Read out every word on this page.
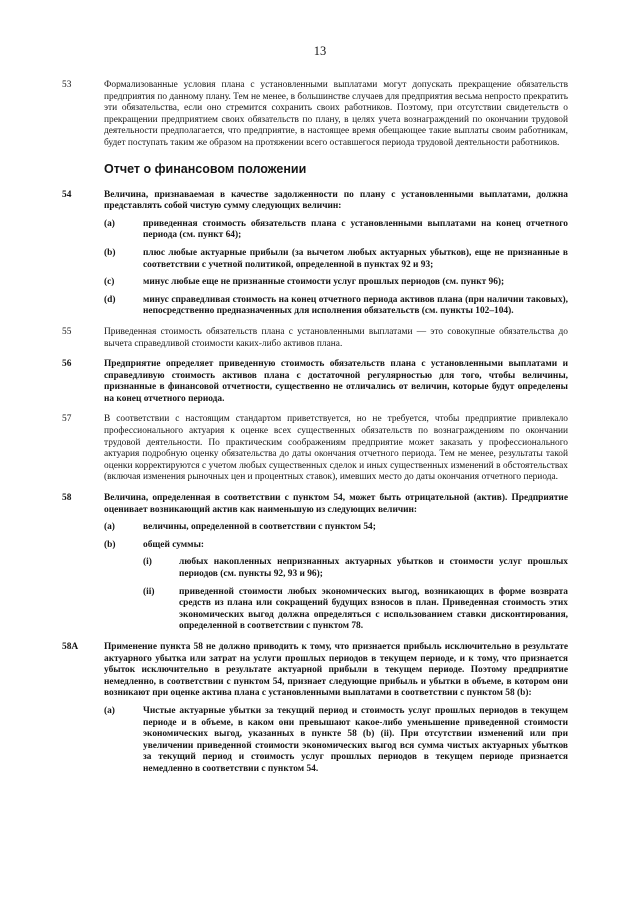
13
53	Формализованные условия плана с установленными выплатами могут допускать прекращение обязательств предприятия по данному плану. Тем не менее, в большинстве случаев для предприятия весьма непросто прекратить эти обязательства, если оно стремится сохранить своих работников. Поэтому, при отсутствии свидетельств о прекращении предприятием своих обязательств по плану, в целях учета вознаграждений по окончании трудовой деятельности предполагается, что предприятие, в настоящее время обещающее такие выплаты своим работникам, будет поступать таким же образом на протяжении всего оставшегося периода трудовой деятельности работников.

Отчет о финансовом положении
54	Величина, признаваемая в качестве задолженности по плану с установленными выплатами, должна представлять собой чистую сумму следующих величин:

(a)	приведенная стоимость обязательств плана с установленными выплатами на конец отчетного периода (см. пункт 64);

(b)	плюс любые актуарные прибыли (за вычетом любых актуарных убытков), еще не признанные в соответствии с учетной политикой, определенной в пунктах 92 и 93;

(c)	минус любые еще не признанные стоимости услуг прошлых периодов (см. пункт 96);

(d)	минус справедливая стоимость на конец отчетного периода активов плана (при наличии таковых), непосредственно предназначенных для исполнения обязательств (см. пункты 102–104).

55	Приведенная стоимость обязательств плана с установленными выплатами — это совокупные обязательства до вычета справедливой стоимости каких-либо активов плана.

56	Предприятие определяет приведенную стоимость обязательств плана с установленными выплатами и справедливую стоимость активов плана с достаточной регулярностью для того, чтобы величины, признанные в финансовой отчетности, существенно не отличались от величин, которые будут определены на конец отчетного периода.

57	В соответствии с настоящим стандартом приветствуется, но не требуется, чтобы предприятие привлекало профессионального актуария к оценке всех существенных обязательств по вознаграждениям по окончании трудовой деятельности. По практическим соображениям предприятие может заказать у профессионального актуария подробную оценку обязательства до даты окончания отчетного периода. Тем не менее, результаты такой оценки корректируются с учетом любых существенных сделок и иных существенных изменений в обстоятельствах (включая изменения рыночных цен и процентных ставок), имевших место до даты окончания отчетного периода.

58	Величина, определенная в соответствии с пунктом 54, может быть отрицательной (актив). Предприятие оценивает возникающий актив как наименьшую из следующих величин:

(a)	величины, определенной в соответствии с пунктом 54;

(b)	общей суммы:

(i)	любых накопленных непризнанных актуарных убытков и стоимости услуг прошлых периодов (см. пункты 92, 93 и 96);

(ii)	приведенной стоимости любых экономических выгод, возникающих в форме возврата средств из плана или сокращений будущих взносов в план. Приведенная стоимость этих экономических выгод должна определяться с использованием ставки дисконтирования, определенной в соответствии с пунктом 78.

58A	Применение пункта 58 не должно приводить к тому, что признается прибыль исключительно в результате актуарного убытка или затрат на услуги прошлых периодов в текущем периоде, и к тому, что признается убыток исключительно в результате актуарной прибыли в текущем периоде. Поэтому предприятие немедленно, в соответствии с пунктом 54, признает следующие прибыль и убытки в объеме, в котором они возникают при оценке актива плана с установленными выплатами в соответствии с пунктом 58 (b):

(a)	Чистые актуарные убытки за текущий период и стоимость услуг прошлых периодов в текущем периоде и в объеме, в каком они превышают какое-либо уменьшение приведенной стоимости экономических выгод, указанных в пункте 58 (b) (ii). При отсутствии изменений или при увеличении приведенной стоимости экономических выгод вся сумма чистых актуарных убытков за текущий период и стоимость услуг прошлых периодов в текущем периоде признается немедленно в соответствии с пунктом 54.
